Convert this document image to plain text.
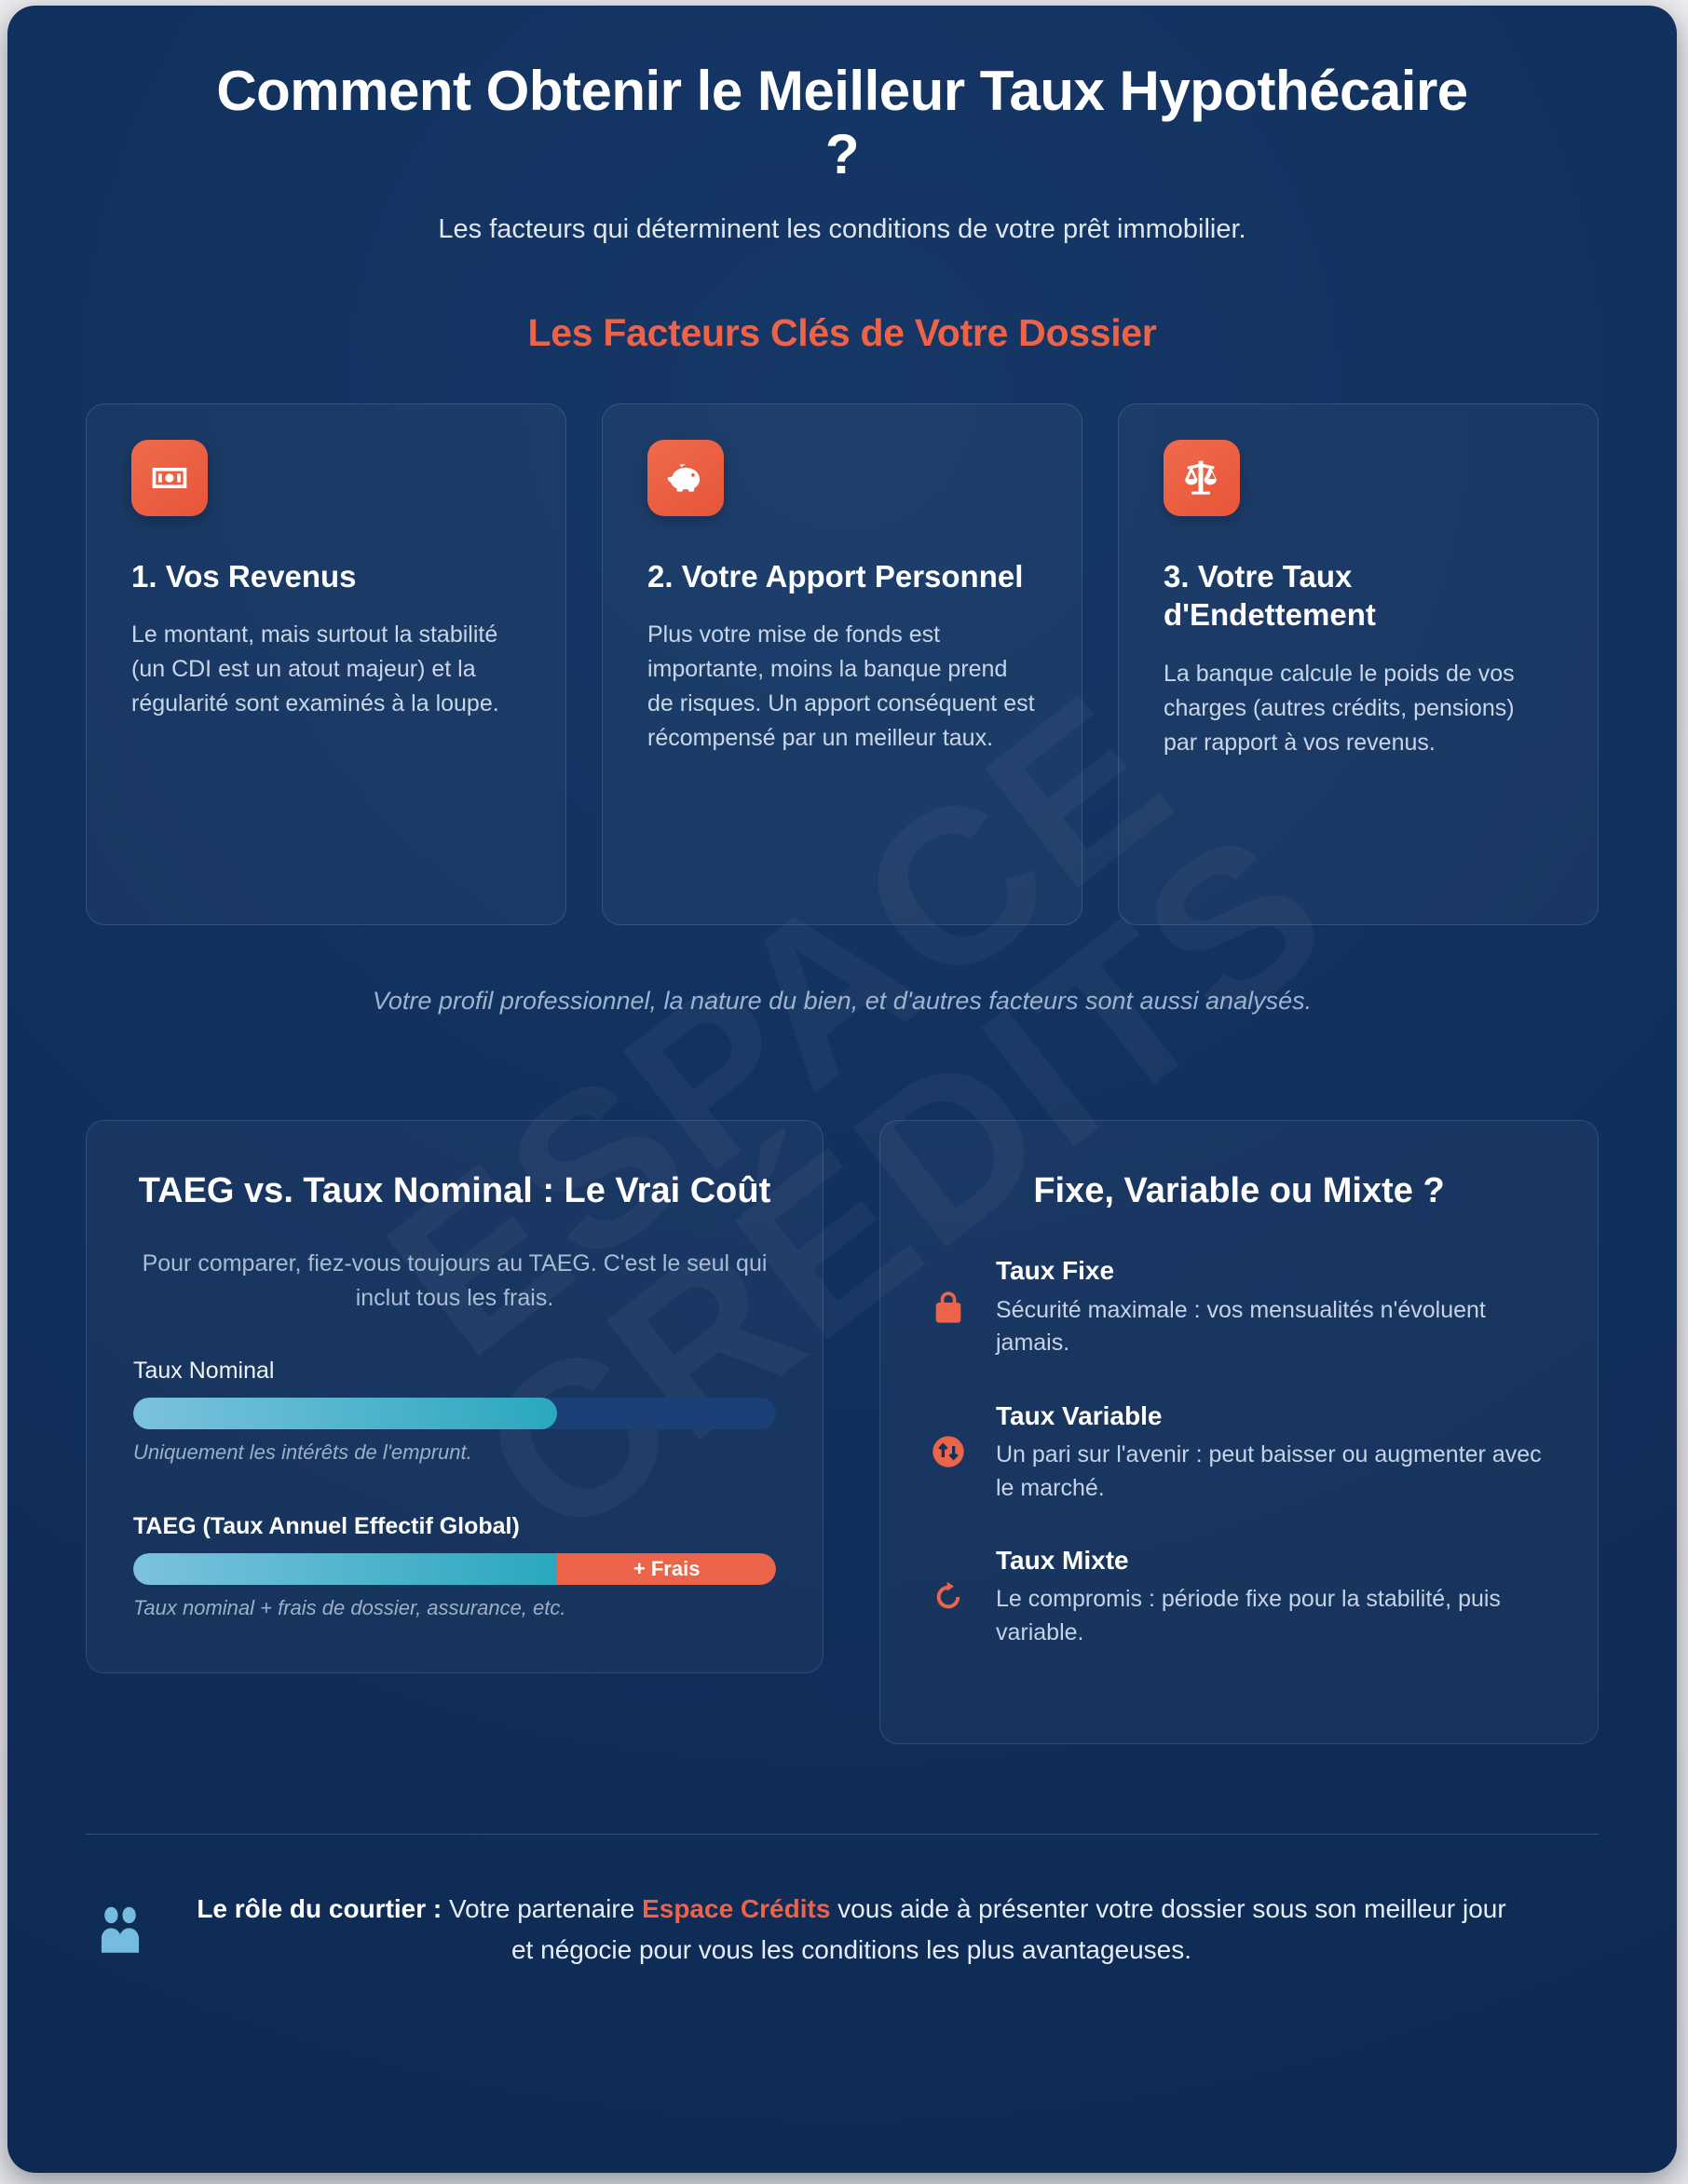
Comment Obtenir le Meilleur Taux Hypothécaire ?

Les facteurs qui déterminent les conditions de votre prêt immobilier.

Les Facteurs Clés de Votre Dossier
1. Vos Revenus
Le montant, mais surtout la stabilité (un CDI est un atout majeur) et la régularité sont examinés à la loupe.
2. Votre Apport Personnel
Plus votre mise de fonds est importante, moins la banque prend de risques. Un apport conséquent est récompensé par un meilleur taux.
3. Votre Taux d'Endettement
La banque calcule le poids de vos charges (autres crédits, pensions) par rapport à vos revenus.

Votre profil professionnel, la nature du bien, et d'autres facteurs sont aussi analysés.

TAEG vs. Taux Nominal : Le Vrai Coût
Pour comparer, fiez-vous toujours au TAEG. C'est le seul qui inclut tous les frais.
Taux Nominal
Uniquement les intérêts de l'emprunt.
TAEG (Taux Annuel Effectif Global)
+ Frais
Taux nominal + frais de dossier, assurance, etc.
Fixe, Variable ou Mixte ?
Taux Fixe
Sécurité maximale : vos mensualités n'évoluent jamais.
Taux Variable
Un pari sur l'avenir : peut baisser ou augmenter avec le marché.
Taux Mixte
Le compromis : période fixe pour la stabilité, puis variable.
Le rôle du courtier : Votre partenaire Espace Crédits vous aide à présenter votre dossier sous son meilleur jour et négocie pour vous les conditions les plus avantageuses.
